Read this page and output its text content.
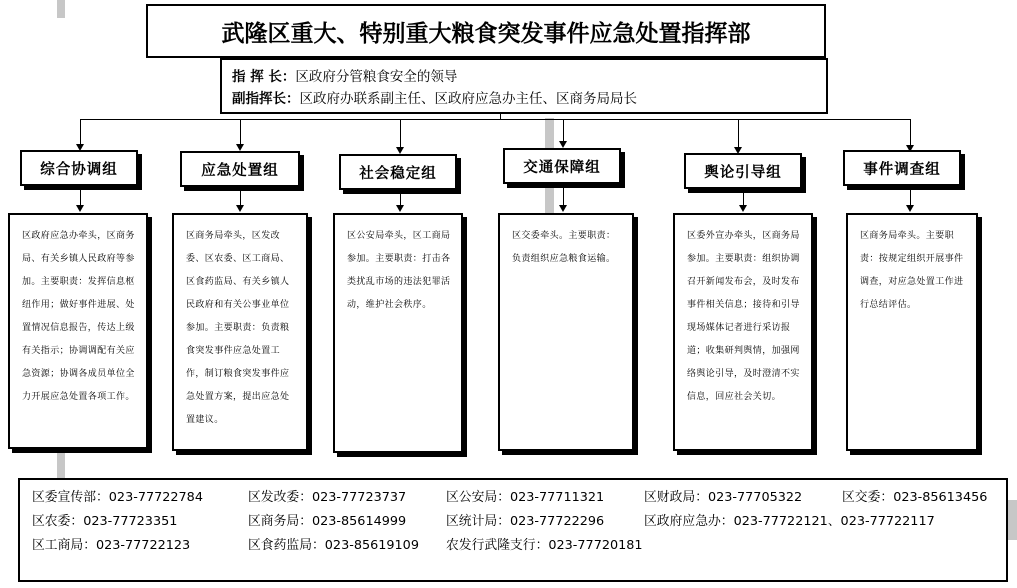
武隆区重大、特别重大粮食突发事件应急处置指挥部
指 挥 长：区政府分管粮食安全的领导
副指挥长：区政府办联系副主任、区政府应急办主任、区商务局局长
综合协调组	应急处置组	社会稳定组	交通保障组	舆论引导组	事件调查组
区政府应急办牵头，区商务局、有关乡镇人民政府等参加。主要职责：发挥信息枢纽作用；做好事件进展、处置情况信息报告，传达上级有关指示；协调调配有关应急资源；协调各成员单位全力开展应急处置各项工作。
区商务局牵头，区发改委、区农委、区工商局、区食药监局、有关乡镇人民政府和有关公事业单位参加。主要职责：负责粮食突发事件应急处置工作，制订粮食突发事件应急处置方案，提出应急处置建议。
区公安局牵头，区工商局参加。主要职责：打击各类扰乱市场的违法犯罪活动，维护社会秩序。
区交委牵头。主要职责：负责组织应急粮食运输。
区委外宣办牵头，区商务局参加。主要职责：组织协调召开新闻发布会，及时发布事件相关信息；接待和引导现场媒体记者进行采访报道；收集研判舆情，加强网络舆论引导，及时澄清不实信息，回应社会关切。
区商务局牵头。主要职责：按规定组织开展事件调查，对应急处置工作进行总结评估。
区委宣传部：023-77722784	区发改委：023-77723737	区公安局：023-77711321	区财政局：023-77705322	区交委：023-85613456
区农委：023-77723351	区商务局：023-85614999	区统计局：023-77722296	区政府应急办：023-77722121、023-77722117
区工商局：023-77722123	区食药监局：023-85619109 农发行武隆支行：023-77720181
